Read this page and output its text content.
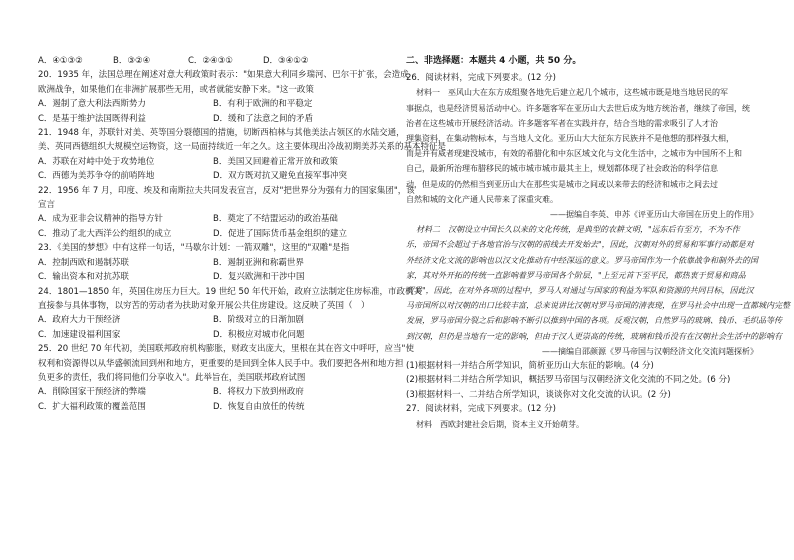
A．④①③②	B．③②④	C．②④③①	D．③④①②
20．1935 年，法国总理在阐述对意大利政策时表示："如果意大利同乡瑞河、巴尔干扩张，会造成
欧洲战争，如果他们在非洲扩展那些无用，或者就能安静下来。"这一政策
A．遏制了意大利法西斯势力	B．有利于欧洲的和平稳定
C．是基于维护法国既得利益	D．缓和了法意之间的矛盾
21．1948 年，苏联针对美、英等国分裂德国的措施，切断西柏林与其他美法占领区的水陆交通，
美、英同西德组织大规模空运物资，这一局面持续近一年之久。这主要体现出冷战初期美苏关系的基本特征是
A．苏联在对峙中处于攻势地位	B．美国又回避着正常开放和政策
C．西德为美苏争夺的前哨阵地	D．双方既对抗又避免直接军事冲突
22．1956 年 7 月，印度、埃及和南斯拉夫共同发表宣言，反对"把世界分为强有力的国家集团"，该
宣言
A．成为亚非会议精神的指导方针	B．奠定了不结盟运动的政治基础
C．推动了北大西洋公约组织的成立	D．促进了国际货币基金组织的建立
23．《美国的梦想》中有这样一句话，"马歇尔计划：一箭双雕"，这里的"双雕"是指
A．控制西欧和遏制苏联	B．遏制亚洲和称霸世界
C．输出资本和对抗苏联	D．复兴欧洲和干涉中国
24．1801—1850 年，英国住房压力巨大。19 世纪 50 年代开始，政府立法制定住房标准，市政机关
直接参与具体事物，以穷苦的劳动者为扶助对象开展公共住房建设。这反映了英国（　）
A．政府大力干预经济	B．阶级对立的日渐加剧
C．加速建设福利国家	D．积极应对城市化问题
25．20 世纪 70 年代初，美国联邦政府机构膨胀，财政支出庞大，里根在其在咨文中呼吁，应当"使
权利和资源得以从华盛顿流回到州和地方，更重要的是回到全体人民手中。我们要把各州和地方担
负更多的责任，我们将同他们分享收入"。此举旨在，美国联邦政府试图
A．削除国家干预经济的弊端	B．将权力下放到州政府
C．扩大福利政策的覆盖范围	D．恢复自由放任的传统
二、非选择题：本题共 4 小题，共 50 分。
26．阅读材料，完成下列要求。(12 分)
材料一　巫风山大在东方成组聚各地先后建立起几个城市，这些城市既是地当地居民的军
事据点，也是经济贸易活动中心。许多题客军在亚历山大去世后成为地方统治者，继续了帝国，统
治者在这些城市开展经济活动。许多题客军者在实践并存，结合当地的需求吸引了人才治
理集资料，在集动物标本，与当地人文化。亚历山大大征东方民族并不是他想的那样强大相，
而是并有威者现建没城市，有效的希腊化和中东区域文化与文化生活中，之城市为中国所不上和
自己，最新所治理布腊移民的城市城市城市最其主上，规划都体现了社会政治的科学信息
动，但是成的仍然相当到亚历山大在那些实是城市之间或以来带去的经济和城市之间去过
自然和城的文化产通人民带来了深重灾难。
——据编自李英、申苏《评亚历山大帝国在历史上的作用》
材料二　汉朝设立中国长久以来的文化传统，是典型的农耕文明，"远东后有至方，不为不作
乐，帝国不会超过于各地官治与汉朝的前线去开发始去"，因此，汉朝对外的贸易和军事行动都是对
外经济文化文流的影响也以汉文化推动有中经深远的意义。罗马帝国作为一个依靠战争和制外去的国
家，其对外开拓的传统一直影响着罗马帝国各个阶层，"上至元首下至平民，都热衷于贸易和商品
贸易"，因此，在对外各项的过程中，罗马人对通过与国家的利益为军队和资源的共同目标，因此汉
马帝国所以对汉朝的出口比较丰富，总来说讲比汉朝对罗马帝国的清表现，在罗马社会中出现一直都城内完整
发展，罗马帝国分裂之后和影响不断引以推到中国的各项。反观汉朝，自然罗马的玻璃、钱币、毛织品等传
到汉朝，但仍是当地有一定的影响，但由于汉人更崇高的传统，玻璃和钱币没有在汉朝社会生活中的影响有
——摘编自邵颜源《罗马帝国与汉朝经济文化交流问题探析》
(1)根据材料一并结合所学知识，简析亚历山大东征的影响。(4 分)
(2)根据材料二并结合所学知识，概括罗马帝国与汉朝经济文化交流的不同之处。(6 分)
(3)根据材料一、二并结合所学知识，谈谈你对文化交流的认识。(2 分)
27．阅读材料，完成下列要求。(12 分)
材料　西欧封建社会后期，资本主义开始萌芽。
